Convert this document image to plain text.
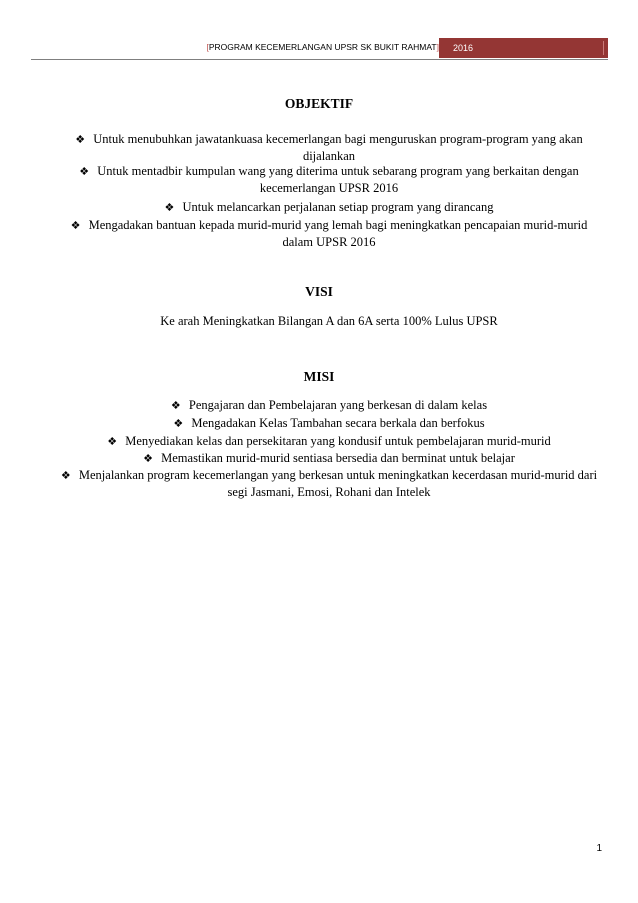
[PROGRAM KECEMERLANGAN UPSR SK BUKIT RAHMAT]	2016
OBJEKTIF
❖ Untuk menubuhkan jawatankuasa kecemerlangan bagi menguruskan program-program yang akan dijalankan
❖ Untuk mentadbir kumpulan wang yang diterima untuk sebarang program yang berkaitan dengan kecemerlangan UPSR 2016
❖ Untuk melancarkan perjalanan setiap program yang dirancang
❖ Mengadakan bantuan kepada murid-murid yang lemah bagi meningkatkan pencapaian murid-murid dalam UPSR 2016
VISI
Ke arah Meningkatkan Bilangan A dan 6A serta 100% Lulus UPSR
MISI
❖ Pengajaran dan Pembelajaran yang berkesan di dalam kelas
❖ Mengadakan Kelas Tambahan secara berkala dan berfokus
❖ Menyediakan kelas dan persekitaran yang kondusif untuk pembelajaran murid-murid
❖ Memastikan murid-murid sentiasa bersedia dan berminat untuk belajar
❖ Menjalankan program kecemerlangan yang berkesan untuk meningkatkan kecerdasan murid-murid dari segi Jasmani, Emosi, Rohani dan Intelek
1
